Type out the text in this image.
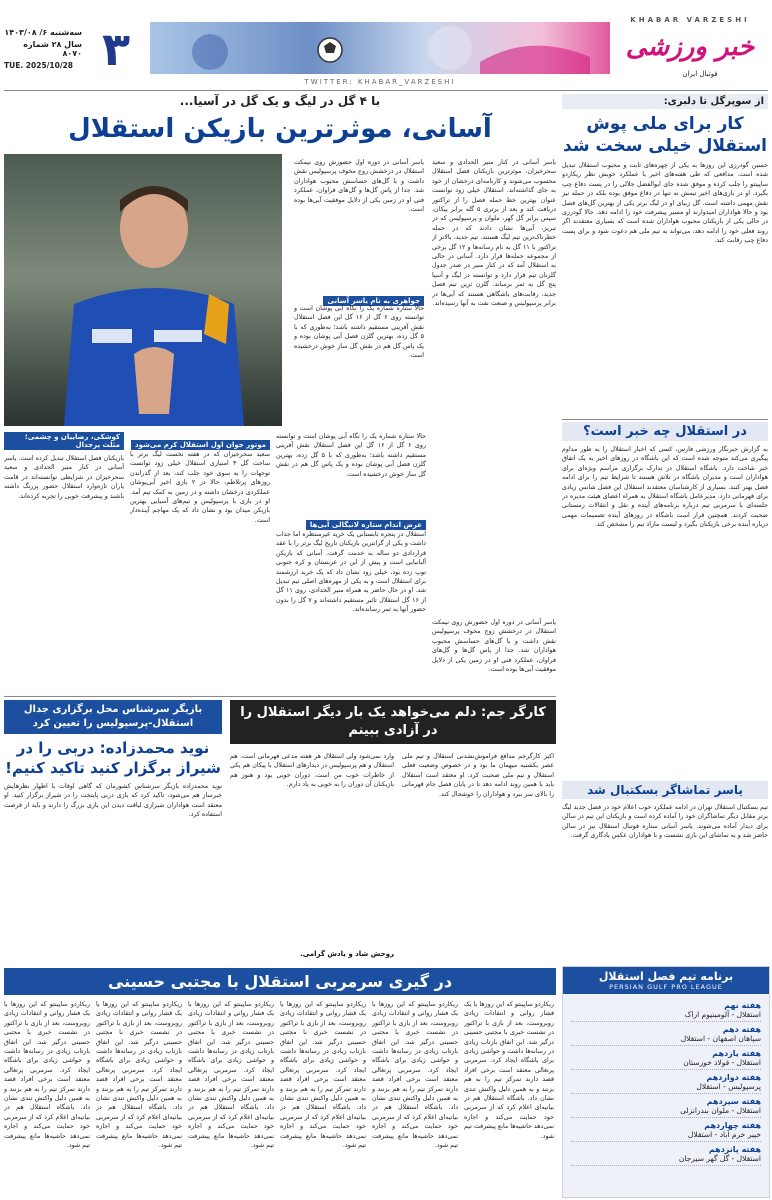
سه‌شنبه ۶/ ۱۴۰۳/۰۸
سال ۲۸ شماره ۸۰۷۰
TUE. 2025/10/28 ۳
KHABAR VARZESHI
خبر ورزشی
فوتبال ایران
TWITTER: KHABAR_VARZESHI
از سوپرگل تا دلبری:
کار برای ملی پوش استقلال خیلی سخت شد
حسین گودرزی این روزها به یکی از چهره‌های ثابت و محبوب استقلال تبدیل شده است. مدافعی که طی هفته‌های اخیر با عملکرد خوبش نظر ریکاردو ساپینتو را جلب کرده و موفق شده جای ابوالفضل جلالی را در پست دفاع چپ بگیرد. او در بازی‌های اخیر تیمش نه تنها در دفاع موفق بوده بلکه در حمله نیز نقش مهمی داشته است. گل زیبای او در لیگ برتر یکی از بهترین گل‌های فصل بود و حالا هواداران امیدوارند او مسیر پیشرفت خود را ادامه دهد. حالا گودرزی در حالی یکی از بازیکنان محبوب هواداران شده است که بسیاری معتقدند اگر روند فعلی خود را ادامه دهد، می‌تواند به تیم ملی هم دعوت شود و برای پست دفاع چپ رقابت کند.
در استقلال چه خبر است؟
به گزارش خبرنگار ورزشی فارس، کسی که اخبار استقلال را به طور مداوم پیگیری می‌کند متوجه شده است که این باشگاه در روزهای اخیر به یک اتفاق خبر شاخت دارد. باشگاه استقلال در تدارک برگزاری مراسم ویژه‌ای برای هواداران است و مدیران باشگاه در تلاش هستند تا شرایط تیم را برای ادامه فصل بهتر کنند. بسیاری از کارشناسان معتقدند استقلال این فصل شانس زیادی برای قهرمانی دارد. مدیرعامل باشگاه استقلال به همراه اعضای هیئت مدیره در جلسه‌ای با سرمربی تیم درباره برنامه‌های آینده و نقل و انتقالات زمستانی صحبت کردند. همچنین قرار است باشگاه در روزهای آینده تصمیمات مهمی درباره آینده برخی بازیکنان بگیرد و لیست مازاد تیم را مشخص کند.
یاسر تماشاگر بسکتبال شد
تیم بسکتبال استقلال تهران در ادامه عملکرد خوب اعلام خود در فصل جدید لیگ برتر مقابل دیگر تماشاگران خود را آماده کرده است و بازیکنان این تیم در سالن برای دیدار آماده می‌شوند. یاسر آسانی ستاره فوتبال استقلال نیز در سالن حاضر شد و به تماشای این بازی نشست و با هواداران عکس یادگاری گرفت.
برنامه تیم فصل استقلال
PERSIAN GULF PRO LEAGUE
هفته نهم
استقلال - آلومینیوم اراک
هفته دهم
سپاهان اصفهان - استقلال
هفته یازدهم
استقلال - فولاد خوزستان
هفته دوازدهم
پرسپولیس - استقلال
هفته سیزدهم
استقلال - ملوان بندرانزلی
هفته چهاردهم
خیبر خرم آباد - استقلال
هفته پانزدهم
استقلال - گل گهر سیرجان
با ۴ گل در لیگ و یک گل در آسیا...
آسانی، موثرترین بازیکن استقلال
یاسر آسانی در کنار منیر الحدادی و سعید سحرخیزان، موثرترین بازیکنان فصل استقلال محسوب می‌شوند و کارنامه‌ای درخشان از خود به جای گذاشته‌اند. استقلال خیلی زود توانست عنوان بهترین خط حمله فصل را از تراکتور دریافت کند و بعد از برتری ۵ گله برابر پیکان، سپس برابر گل گهر، ملوان و پرسپولیس که در تبریز، آبی‌ها نشان دادند که در حمله خطرناک‌ترین تیم لیگ هستند. تیم جدید، بالاتر از تراکتور با ۱۱ گل به نام رسانه‌ها و ۱۲ گل برخی از مجموعه حمله‌ها قرار دارد. آسانی در حالی به استقلال آمد که در کنار منیر در صدر جدول گلزنان تیم قرار دارد و توانسته در لیگ و آسیا پنج گل به ثمر برساند. گلزن ترین تیم فصل جدید، رقابت‌های باشگاهی هستند که آبی‌ها در برابر پرسپولیس و صنعت نفت به آنها رسیده‌اند.
یاسر آسانی در دوره اول حضورش روی نیمکت استقلال در درخشش زوج مخوف پرسپولیس نقش داشت و با گل‌های حساسش محبوب هواداران شد. جدا از پاس گل‌ها و گل‌های فراوان، عملکرد فنی او در زمین یکی از دلایل موفقیت آبی‌ها بوده است.
جواهری به نام یاسر آسانی
حالا ستاره شماره یک را نگاه آبی پوشان است و توانسته روی ۶ گل از ۱۶ گل این فصل استقلال نقش آفرینی مستقیم داشته باشد؛ به‌طوری که با ۵ گل زده، بهترین گلزن فصل آبی پوشان بوده و یک پاس گل هم در نقش گل ساز خوش درخشیده است.
کوشکی، رضاییان و چشمی؛ مثلث پرجدال
بازیکنان فصل استقلال تبدیل کرده است. یاسر آسانی در کنار منیر الحدادی و سعید سحرخیزان در شرایطی توانسته‌اند در قامت یاران تازه‌وارد استقلال حضور پررنگ داشته باشند و پیشرفت خوبی را تجربه کرده‌اند.
موتور جوان اول استقلال کرم می‌شود
سعید سحرخیزان که در هفته نخست لیگ برتر با ساخت گل ۳ امتیازی استقلال خیلی زود توانست توجهات را به سوی خود جلب کند، بعد از گذراندن روزهای پرتلاطم، حالا در ۲ بازی اخیر آبی‌پوشان عملکردی درخشان داشته و در زمین به کمک تیم آمد. او در بازی با پرسپولیس و تیم‌های آسیایی بهترین بازیکن میدان بود و نشان داد که یک مهاجم آینده‌دار است.
عرض اندام ستاره لانیگالی آبی‌ها
استقلال در پنجره تابستانی یک خرید غیرمنتظره اما جذاب داشت و یکی از گرانترین بازیکنان تاریخ لیگ برتر را با عقد قراردادی دو ساله به خدمت گرفت. آسانی که بازیکن آلبانیایی است و پیش از این در عربستان و کره جنوبی توپ زده بود، خیلی زود نشان داد که یک خرید ارزشمند برای استقلال است و به یکی از مهره‌های اصلی تیم تبدیل شد. او در حال حاضر به همراه منیر الحدادی، روی ۱۱ گل از ۱۶ گل استقلال تاثیر مستقیم داشته‌اند و ۷ گل را بدون حضور آنها به ثمر رسانده‌اند.
حالا ستاره شماره یک را نگاه آبی پوشان است و توانسته روی ۶ گل از ۱۶ گل این فصل استقلال نقش آفرینی مستقیم داشته باشد؛ به‌طوری که با ۵ گل زده، بهترین گلزن فصل آبی پوشان بوده و یک پاس گل هم در نقش گل ساز خوش درخشیده است.
یاسر آسانی در دوره اول حضورش روی نیمکت استقلال در درخشش زوج مخوف پرسپولیس نقش داشت و با گل‌های حساسش محبوب هواداران شد. جدا از پاس گل‌ها و گل‌های فراوان، عملکرد فنی او در زمین یکی از دلایل موفقیت آبی‌ها بوده است.
کارگر جم: دلم می‌خواهد یک بار دیگر استقلال را در آزادی ببینم
اکبر کارگرجم مدافع فراموش‌نشدنی استقلال و تیم ملی عصر بکشنبه میهمان ما بود و در خصوص وضعیت فعلی استقلال و تیم ملی صحبت کرد. او معتقد است استقلال باید با همین روند ادامه دهد تا در پایان فصل جام قهرمانی را بالای سر ببرد و هواداران را خوشحال کند.
وارد نمی‌شود ولی استقلال هر هفته مدعی قهرمانی است. هم استقلال و هم پرسپولیس در دیدارهای استقلال با پیکان هم یکی از خاطرات خوب من است. دوران خوبی بود و هنوز هم بازیکنان آن دوران را به خوبی به یاد دارم.
روحش شاد و یادش گرامی.
بازیگر سرشناس محل برگزاری جدال استقلال-پرسپولیس را تعیین کرد
نوید محمدزاده: دربی را در شیراز برگزار کنید تاکید کنیم!
نوید محمدزاده بازیگر سرشناس کشورمان که گاهی اوقات با اظهار نظرهایش خبرساز هم می‌شود، تاکید کرد که بازی دربی پایتخت را در شیراز برگزار کنید. او معتقد است هواداران شیرازی لیاقت دیدن این بازی بزرگ را دارند و باید از فرصت استفاده کرد.
در گیری سرمربی استقلال با مجتبی حسینی
ریکاردو ساپینتو که این روزها با یک فشار روانی و انتقادات زیادی روبروست، بعد از بازی با تراکتور در نشست خبری با مجتبی حسینی درگیر شد. این اتفاق بازتاب زیادی در رسانه‌ها داشت و حواشی زیادی برای باشگاه ایجاد کرد. سرمربی پرتغالی معتقد است برخی افراد قصد دارند تمرکز تیم را به هم بزنند و به همین دلیل واکنش تندی نشان داد. باشگاه استقلال هم در بیانیه‌ای اعلام کرد که از سرمربی خود حمایت می‌کند و اجازه نمی‌دهد حاشیه‌ها مانع پیشرفت تیم شود.
ریکاردو ساپینتو که این روزها با یک فشار روانی و انتقادات زیادی روبروست، بعد از بازی با تراکتور در نشست خبری با مجتبی حسینی درگیر شد. این اتفاق بازتاب زیادی در رسانه‌ها داشت و حواشی زیادی برای باشگاه ایجاد کرد. سرمربی پرتغالی معتقد است برخی افراد قصد دارند تمرکز تیم را به هم بزنند و به همین دلیل واکنش تندی نشان داد. باشگاه استقلال هم در بیانیه‌ای اعلام کرد که از سرمربی خود حمایت می‌کند و اجازه نمی‌دهد حاشیه‌ها مانع پیشرفت تیم شود.
ریکاردو ساپینتو که این روزها با یک فشار روانی و انتقادات زیادی روبروست، بعد از بازی با تراکتور در نشست خبری با مجتبی حسینی درگیر شد. این اتفاق بازتاب زیادی در رسانه‌ها داشت و حواشی زیادی برای باشگاه ایجاد کرد. سرمربی پرتغالی معتقد است برخی افراد قصد دارند تمرکز تیم را به هم بزنند و به همین دلیل واکنش تندی نشان داد. باشگاه استقلال هم در بیانیه‌ای اعلام کرد که از سرمربی خود حمایت می‌کند و اجازه نمی‌دهد حاشیه‌ها مانع پیشرفت تیم شود.
ریکاردو ساپینتو که این روزها با یک فشار روانی و انتقادات زیادی روبروست، بعد از بازی با تراکتور در نشست خبری با مجتبی حسینی درگیر شد. این اتفاق بازتاب زیادی در رسانه‌ها داشت و حواشی زیادی برای باشگاه ایجاد کرد. سرمربی پرتغالی معتقد است برخی افراد قصد دارند تمرکز تیم را به هم بزنند و به همین دلیل واکنش تندی نشان داد. باشگاه استقلال هم در بیانیه‌ای اعلام کرد که از سرمربی خود حمایت می‌کند و اجازه نمی‌دهد حاشیه‌ها مانع پیشرفت تیم شود.
ریکاردو ساپینتو که این روزها با یک فشار روانی و انتقادات زیادی روبروست، بعد از بازی با تراکتور در نشست خبری با مجتبی حسینی درگیر شد. این اتفاق بازتاب زیادی در رسانه‌ها داشت و حواشی زیادی برای باشگاه ایجاد کرد. سرمربی پرتغالی معتقد است برخی افراد قصد دارند تمرکز تیم را به هم بزنند و به همین دلیل واکنش تندی نشان داد. باشگاه استقلال هم در بیانیه‌ای اعلام کرد که از سرمربی خود حمایت می‌کند و اجازه نمی‌دهد حاشیه‌ها مانع پیشرفت تیم شود.
ریکاردو ساپینتو که این روزها با یک فشار روانی و انتقادات زیادی روبروست، بعد از بازی با تراکتور در نشست خبری با مجتبی حسینی درگیر شد. این اتفاق بازتاب زیادی در رسانه‌ها داشت و حواشی زیادی برای باشگاه ایجاد کرد. سرمربی پرتغالی معتقد است برخی افراد قصد دارند تمرکز تیم را به هم بزنند و به همین دلیل واکنش تندی نشان داد. باشگاه استقلال هم در بیانیه‌ای اعلام کرد که از سرمربی خود حمایت می‌کند و اجازه نمی‌دهد حاشیه‌ها مانع پیشرفت تیم شود.
